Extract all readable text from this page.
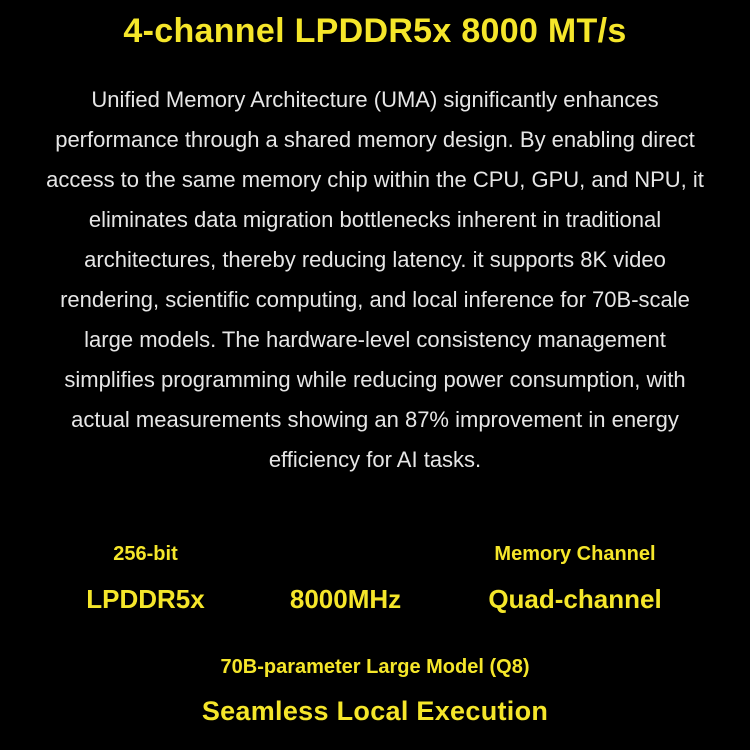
4-channel LPDDR5x 8000 MT/s

Unified Memory Architecture (UMA) significantly enhances performance through a shared memory design. By enabling direct access to the same memory chip within the CPU, GPU, and NPU, it eliminates data migration bottlenecks inherent in traditional architectures, thereby reducing latency. it supports 8K video rendering, scientific computing, and local inference for 70B-scale large models. The hardware-level consistency management simplifies programming while reducing power consumption, with actual measurements showing an 87% improvement in energy efficiency for AI tasks.

256-bit
LPDDR5x	8000MHz
Memory Channel
Quad-channel
70B-parameter Large Model (Q8)
Seamless Local Execution
